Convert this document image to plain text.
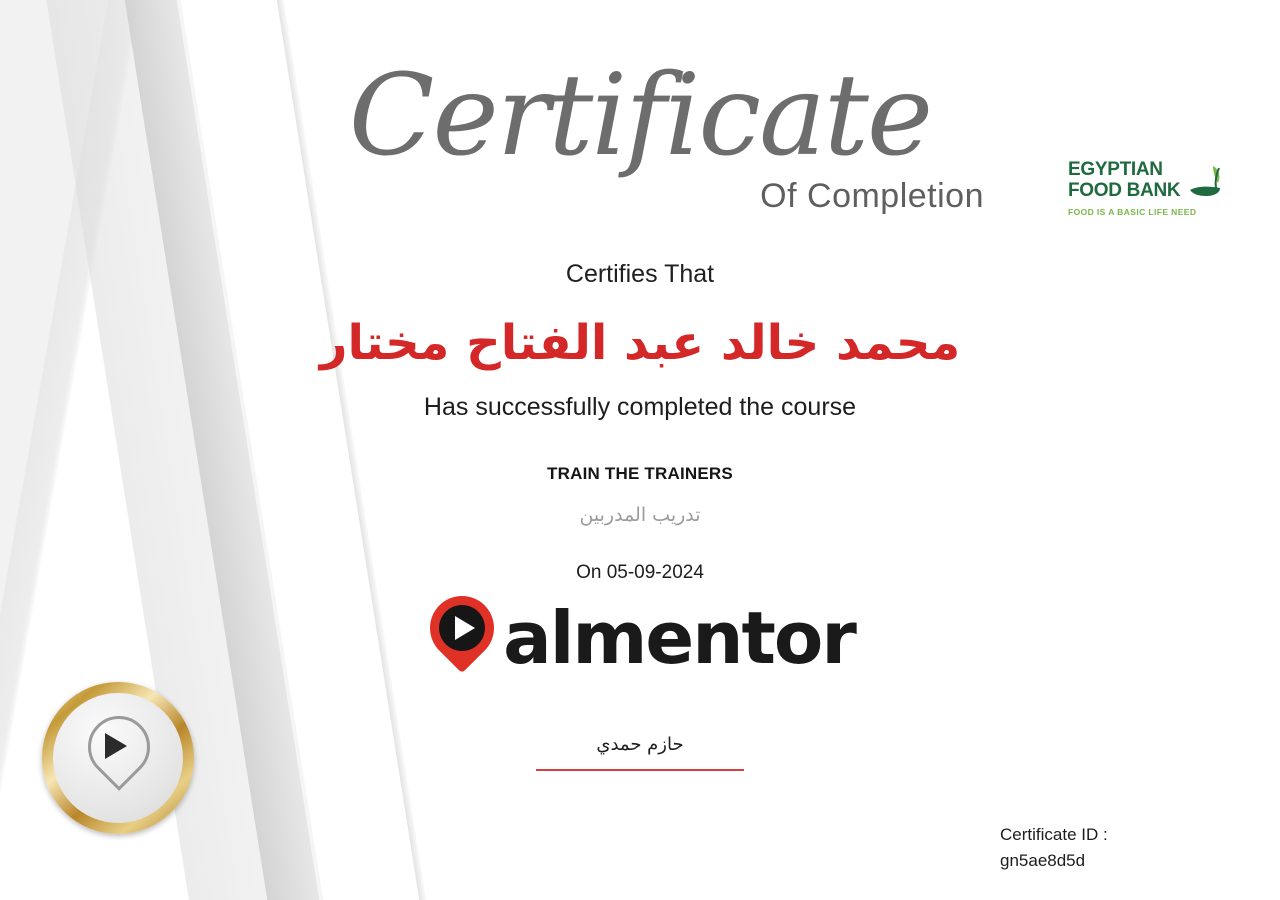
EGYPTIAN
FOOD BANK
FOOD IS A BASIC LIFE NEED
Certificate
Of Completion

Certifies That

محمد خالد عبد الفتاح مختار

Has successfully completed the course

TRAIN THE TRAINERS

تدريب المدربين

On 05-09-2024

almentor
حازم حمدي
Certificate ID :
gn5ae8d5d
